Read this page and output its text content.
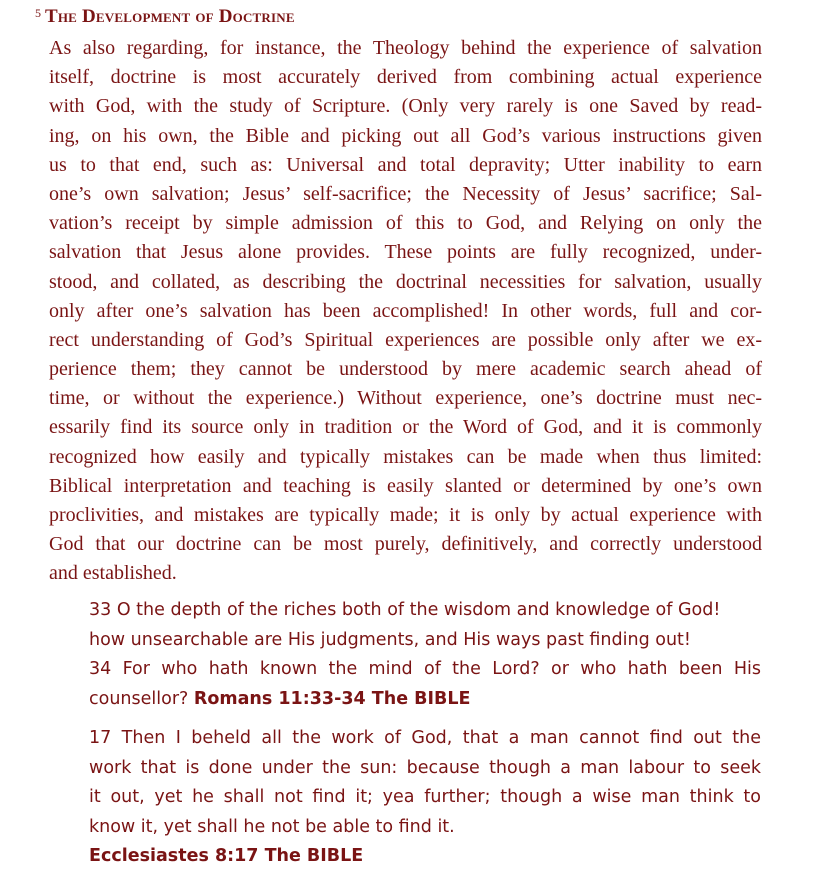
$^5$ The Development of Doctrine
As also regarding, for instance, the Theology behind the experience of salvation
itself, doctrine is most accurately derived from combining actual experience
with God, with the study of Scripture. (Only very rarely is one Saved by read-
ing, on his own, the Bible and picking out all God’s various instructions given
us to that end, such as: Universal and total depravity; Utter inability to earn
one’s own salvation; Jesus’ self-sacrifice; the Necessity of Jesus’ sacrifice; Sal-
vation’s receipt by simple admission of this to God, and Relying on only the
salvation that Jesus alone provides. These points are fully recognized, under-
stood, and collated, as describing the doctrinal necessities for salvation, usually
only after one’s salvation has been accomplished! In other words, full and cor-
rect understanding of God’s Spiritual experiences are possible only after we ex-
perience them; they cannot be understood by mere academic search ahead of
time, or without the experience.) Without experience, one’s doctrine must nec-
essarily find its source only in tradition or the Word of God, and it is commonly
recognized how easily and typically mistakes can be made when thus limited:
Biblical interpretation and teaching is easily slanted or determined by one’s own
proclivities, and mistakes are typically made; it is only by actual experience with
God that our doctrine can be most purely, definitively, and correctly understood
and established.
33 O the depth of the riches both of the wisdom and knowledge of God!
how unsearchable are His judgments, and His ways past finding out!
34 For who hath known the mind of the Lord? or who hath been His
counsellor? Romans 11:33-34 The BIBLE
17 Then I beheld all the work of God, that a man cannot find out the
work that is done under the sun: because though a man labour to seek
it out, yet he shall not find it; yea further; though a wise man think to
know it, yet shall he not be able to find it.
Ecclesiastes 8:17 The BIBLE
